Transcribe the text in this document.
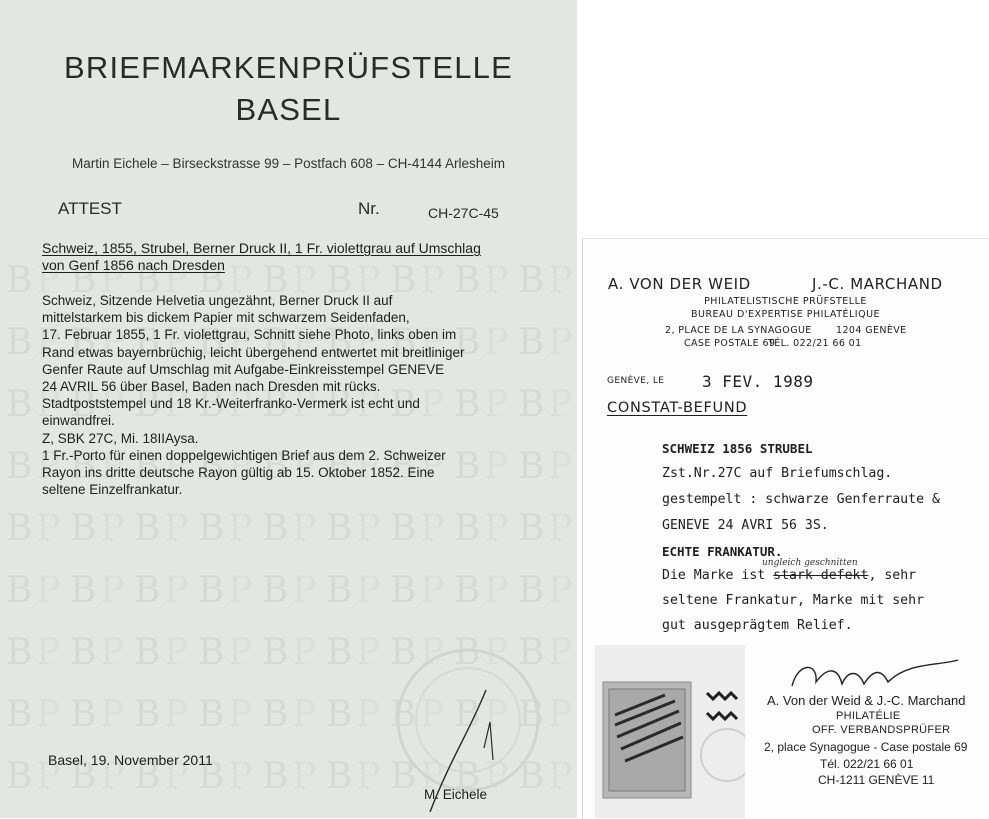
BRIEFMARKENPRÜFSTELLE
BASEL
Martin Eichele – Birseckstrasse 99 – Postfach 608 – CH-4144 Arlesheim
ATTEST	Nr.	CH-27C-45
Schweiz, 1855, Strubel, Berner Druck II, 1 Fr. violettgrau auf Umschlag
von Genf 1856 nach Dresden
Schweiz, Sitzende Helvetia ungezähnt, Berner Druck II auf
mittelstarkem bis dickem Papier mit schwarzem Seidenfaden,
17. Februar 1855, 1 Fr. violettgrau, Schnitt siehe Photo, links oben im
Rand etwas bayernbrüchig, leicht übergehend entwertet mit breitliniger
Genfer Raute auf Umschlag mit Aufgabe-Einkreisstempel GENEVE
24 AVRIL 56 über Basel, Baden nach Dresden mit rücks.
Stadtpoststempel und 18 Kr.-Weiterfranko-Vermerk ist echt und
einwandfrei.
Z, SBK 27C, Mi. 18IIAysa.
1 Fr.-Porto für einen doppelgewichtigen Brief aus dem 2. Schweizer
Rayon ins dritte deutsche Rayon gültig ab 15. Oktober 1852. Eine
seltene Einzelfrankatur.
Basel, 19. November 2011
M. Eichele
A. VON DER WEID	J.-C. MARCHAND
PHILATELISTISCHE PRÜFSTELLE
BUREAU D'EXPERTISE PHILATÉLIQUE
2, PLACE DE LA SYNAGOGUE	1204 GENÈVE
CASE POSTALE 69
TÉL. 022/21 66 01
GENÈVE, LE 3 FEV. 1989
CONSTAT-BEFUND
SCHWEIZ 1856 STRUBEL
Zst.Nr.27C auf Briefumschlag.
gestempelt : schwarze Genferraute &
GENEVE 24 AVRI 56 3S.
ECHTE FRANKATUR.
Die Marke ist stark defekt, sehr
ungleich geschnitten
seltene Frankatur, Marke mit sehr
gut ausgeprägtem Relief.
A. Von der Weid & J.-C. Marchand
PHILATÉLIE
OFF. VERBANDSPRÜFER
2, place Synagogue - Case postale 69
Tél. 022/21 66 01
CH-1211 GENÈVE 11
